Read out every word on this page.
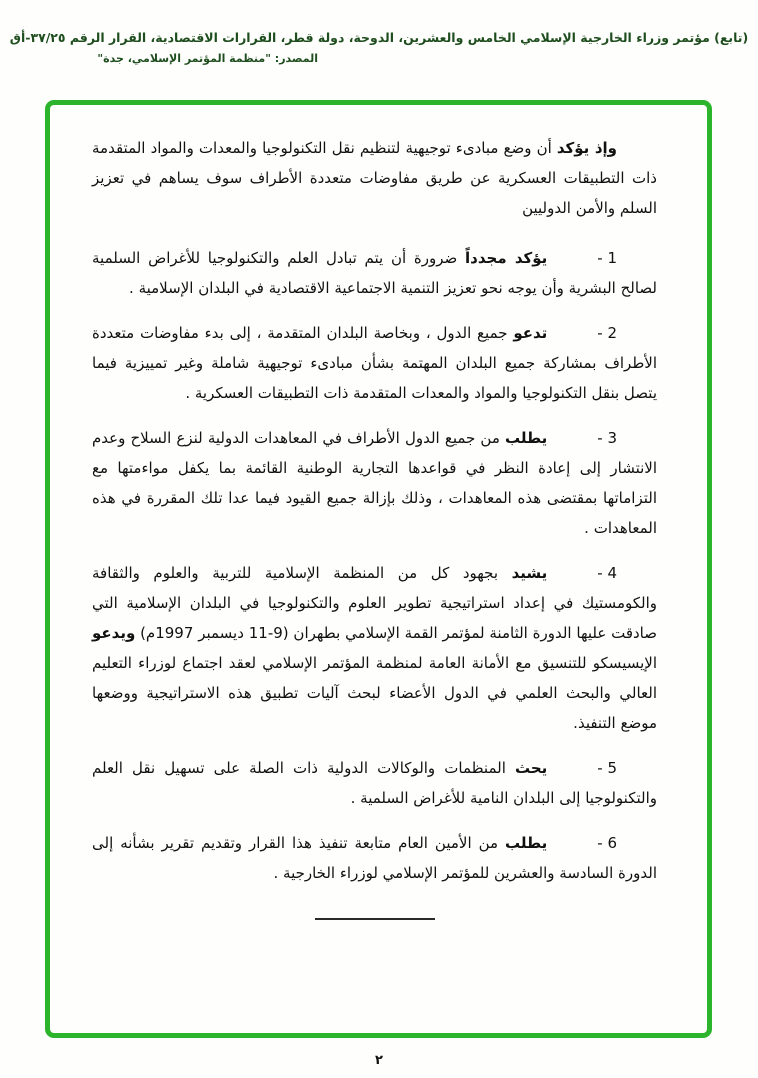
(تابع) مؤتمر وزراء الخارجية الإسلامي الخامس والعشرين، الدوحة، دولة قطر، القرارات الاقتصادية، القرار الرقم ٣٧/٢٥-أق
المصدر: "منظمة المؤتمر الإسلامي، جدة"

وإذ يؤكد أن وضع مبادىء توجيهية لتنظيم نقل التكنولوجيا والمعدات والمواد المتقدمة ذات التطبيقات العسكرية عن طريق مفاوضات متعددة الأطراف سوف يساهم في تعزيز السلم والأمن الدوليين

- 1يؤكد مجدداً ضرورة أن يتم تبادل العلم والتكنولوجيا للأغراض السلمية لصالح البشرية وأن يوجه نحو تعزيز التنمية الاجتماعية الاقتصادية في البلدان الإسلامية .

- 2تدعو جميع الدول ، وبخاصة البلدان المتقدمة ، إلى بدء مفاوضات متعددة الأطراف بمشاركة جميع البلدان المهتمة بشأن مبادىء توجيهية شاملة وغير تمييزية فيما يتصل بنقل التكنولوجيا والمواد والمعدات المتقدمة ذات التطبيقات العسكرية .

- 3يطلب من جميع الدول الأطراف في المعاهدات الدولية لنزع السلاح وعدم الانتشار إلى إعادة النظر في قواعدها التجارية الوطنية القائمة بما يكفل مواءمتها مع التزاماتها بمقتضى هذه المعاهدات ، وذلك بإزالة جميع القيود فيما عدا تلك المقررة في هذه المعاهدات .

- 4يشيد بجهود كل من المنظمة الإسلامية للتربية والعلوم والثقافة والكومستيك في إعداد استراتيجية تطوير العلوم والتكنولوجيا في البلدان الإسلامية التي صادقت عليها الدورة الثامنة لمؤتمر القمة الإسلامي بطهران (9-11 ديسمبر 1997م) ويدعو الإيسيسكو للتنسيق مع الأمانة العامة لمنظمة المؤتمر الإسلامي لعقد اجتماع لوزراء التعليم العالي والبحث العلمي في الدول الأعضاء لبحث آليات تطبيق هذه الاستراتيجية ووضعها موضع التنفيذ.

- 5يحث المنظمات والوكالات الدولية ذات الصلة على تسهيل نقل العلم والتكنولوجيا إلى البلدان النامية للأغراض السلمية .

- 6يطلب من الأمين العام متابعة تنفيذ هذا القرار وتقديم تقرير بشأنه إلى الدورة السادسة والعشرين للمؤتمر الإسلامي لوزراء الخارجية .

٢
